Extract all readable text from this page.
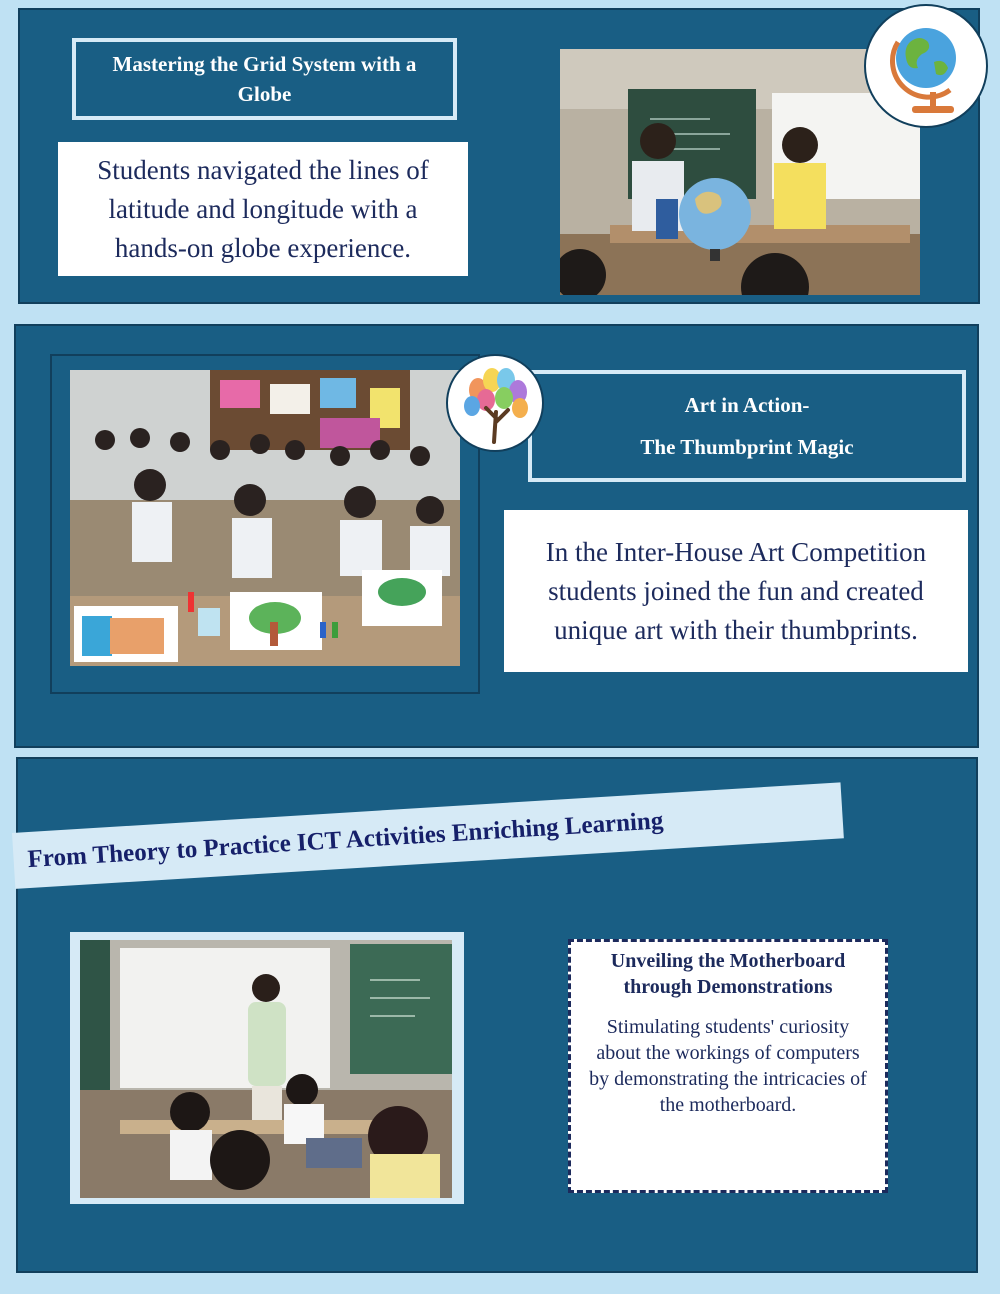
Mastering the Grid System with a Globe
Students navigated the lines of latitude and longitude with a hands-on globe experience.
Art in Action-
The Thumbprint Magic
In the Inter-House Art Competition students joined the fun and created unique art with their thumbprints.
From Theory to Practice ICT Activities Enriching Learning
Unveiling the Motherboard through Demonstrations
Stimulating students' curiosity about the workings of computers by demonstrating the intricacies of the motherboard.
